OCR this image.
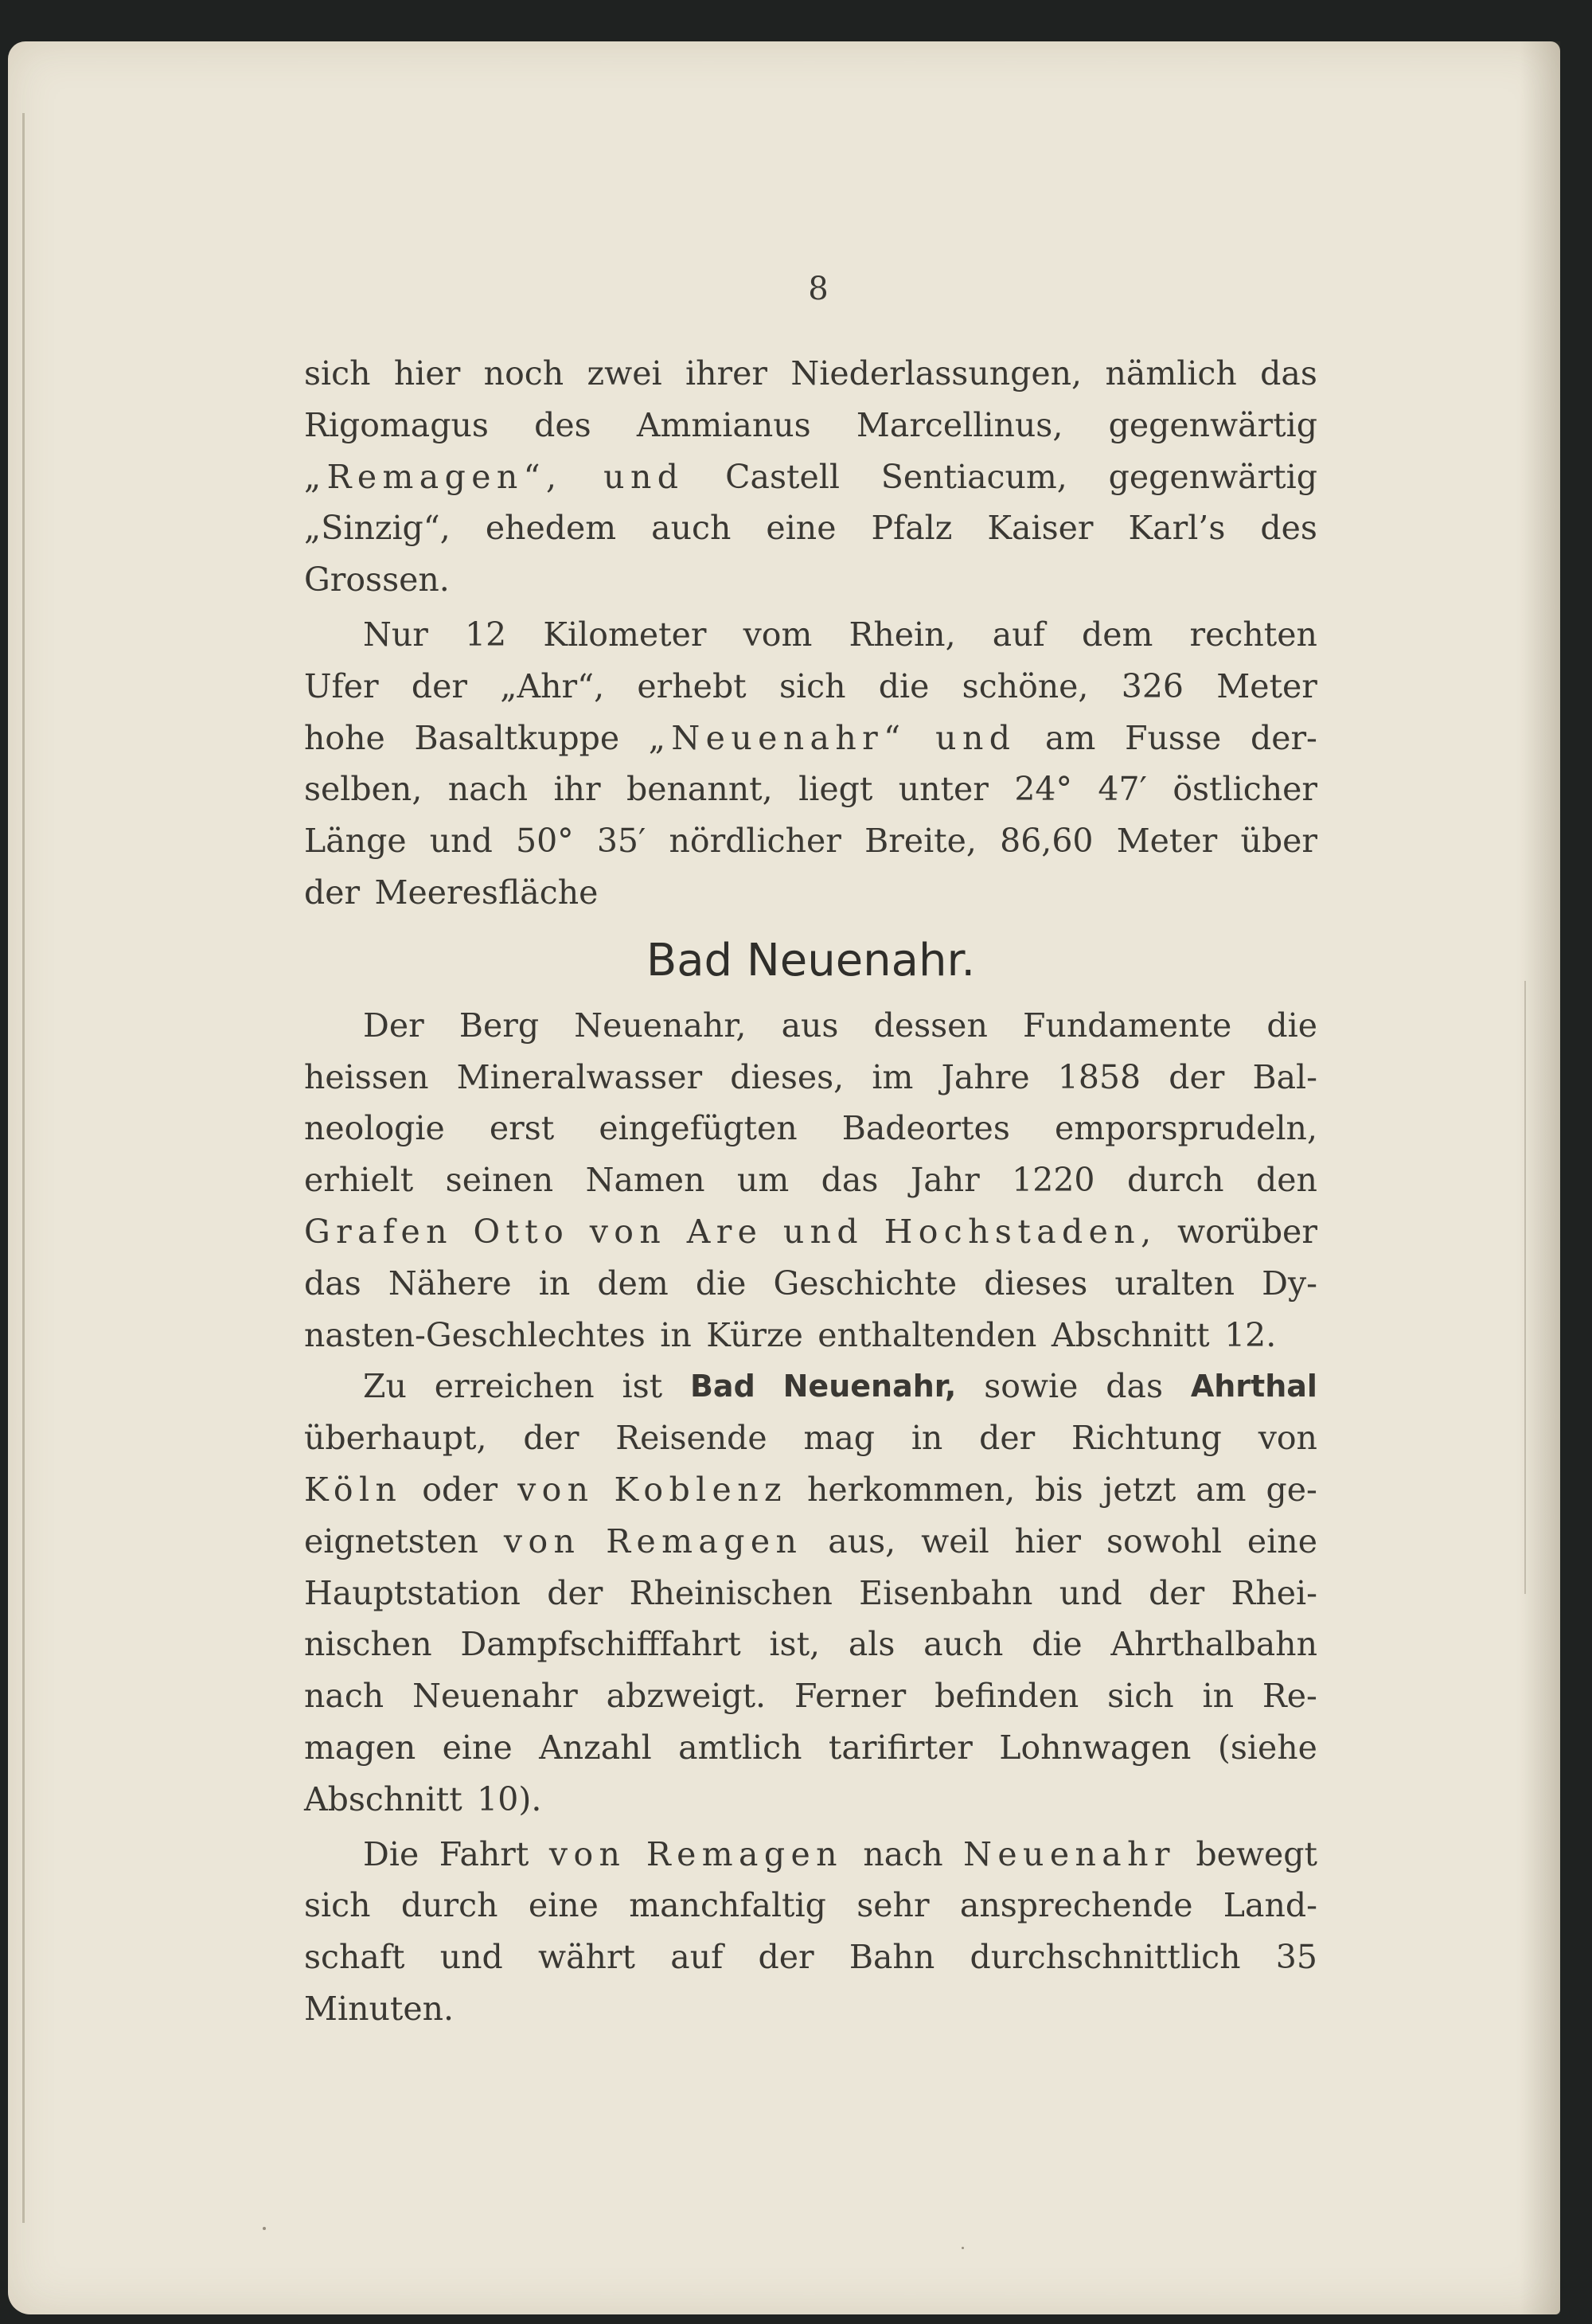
8
sich hier noch zwei ihrer Niederlassungen, nämlich das
Rigomagus des Ammianus Marcellinus, gegenwärtig
„Remagen“, und Castell Sentiacum, gegenwärtig
„Sinzig“, ehedem auch eine Pfalz Kaiser Karl’s des
Grossen.
Nur 12 Kilometer vom Rhein, auf dem rechten
Ufer der „Ahr“, erhebt sich die schöne, 326 Meter
hohe Basaltkuppe „Neuenahr“ und am Fusse der-
selben, nach ihr benannt, liegt unter 24° 47′ östlicher
Länge und 50° 35′ nördlicher Breite, 86,60 Meter über
der Meeresfläche
Bad Neuenahr.
Der Berg Neuenahr, aus dessen Fundamente die
heissen Mineralwasser dieses, im Jahre 1858 der Bal-
neologie erst eingefügten Badeortes emporsprudeln,
erhielt seinen Namen um das Jahr 1220 durch den
Grafen Otto von Are und Hochstaden, worüber
das Nähere in dem die Geschichte dieses uralten Dy-
nasten-Geschlechtes in Kürze enthaltenden Abschnitt 12.
Zu erreichen ist Bad Neuenahr, sowie das Ahrthal
überhaupt, der Reisende mag in der Richtung von
Köln oder von Koblenz herkommen, bis jetzt am ge-
eignetsten von Remagen aus, weil hier sowohl eine
Hauptstation der Rheinischen Eisenbahn und der Rhei-
nischen Dampfschifffahrt ist, als auch die Ahrthalbahn
nach Neuenahr abzweigt. Ferner befinden sich in Re-
magen eine Anzahl amtlich tarifirter Lohnwagen (siehe
Abschnitt 10).
Die Fahrt von Remagen nach Neuenahr bewegt
sich durch eine manchfaltig sehr ansprechende Land-
schaft und währt auf der Bahn durchschnittlich 35
Minuten.
